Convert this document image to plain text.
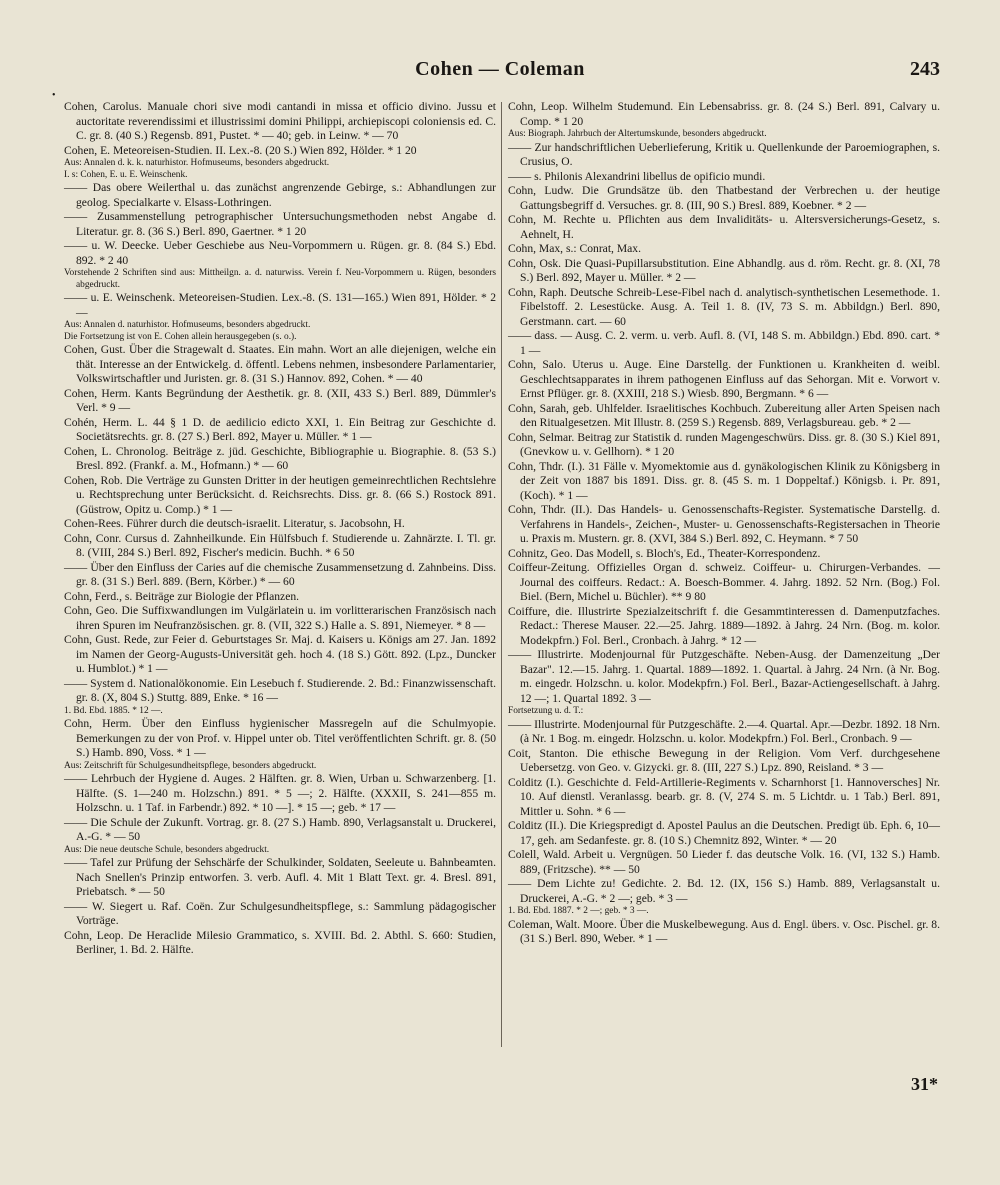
•
Cohen — Coleman	243

Cohen, Carolus. Manuale chori sive modi cantandi in missa et officio divino. Jussu et auctoritate reverendissimi et illustrissimi domini Philippi, archiepiscopi coloniensis ed. C. C. gr. 8. (40 S.) Regensb. 891, Pustet. * — 40; geb. in Leinw. * — 70

Cohen, E. Meteoreisen-Studien. II. Lex.-8. (20 S.) Wien 892, Hölder. * 1 20

Aus: Annalen d. k. k. naturhistor. Hofmuseums, besonders abgedruckt.

I. s: Cohen, E. u. E. Weinschenk.

—— Das obere Weilerthal u. das zunächst angrenzende Gebirge, s.: Abhandlungen zur geolog. Specialkarte v. Elsass-Lothringen.

—— Zusammenstellung petrographischer Untersuchungsmethoden nebst Angabe d. Literatur. gr. 8. (36 S.) Berl. 890, Gaertner. * 1 20

—— u. W. Deecke. Ueber Geschiebe aus Neu-Vorpommern u. Rügen. gr. 8. (84 S.) Ebd. 892. * 2 40

Vorstehende 2 Schriften sind aus: Mittheilgn. a. d. naturwiss. Verein f. Neu-Vorpommern u. Rügen, besonders abgedruckt.

—— u. E. Weinschenk. Meteoreisen-Studien. Lex.-8. (S. 131—165.) Wien 891, Hölder. * 2 —

Aus: Annalen d. naturhistor. Hofmuseums, besonders abgedruckt.

Die Fortsetzung ist von E. Cohen allein herausgegeben (s. o.).

Cohen, Gust. Über die Stragewalt d. Staates. Ein mahn. Wort an alle diejenigen, welche ein thät. Interesse an der Entwickelg. d. öffentl. Lebens nehmen, insbesondere Parlamentarier, Volkswirtschaftler und Juristen. gr. 8. (31 S.) Hannov. 892, Cohen. * — 40

Cohen, Herm. Kants Begründung der Aesthetik. gr. 8. (XII, 433 S.) Berl. 889, Dümmler's Verl. * 9 —

Cohén, Herm. L. 44 § 1 D. de aedilicio edicto XXI, 1. Ein Beitrag zur Geschichte d. Societätsrechts. gr. 8. (27 S.) Berl. 892, Mayer u. Müller. * 1 —

Cohen, L. Chronolog. Beiträge z. jüd. Geschichte, Bibliographie u. Biographie. 8. (53 S.) Bresl. 892. (Frankf. a. M., Hofmann.) * — 60

Cohen, Rob. Die Verträge zu Gunsten Dritter in der heutigen gemeinrechtlichen Rechtslehre u. Rechtsprechung unter Berücksicht. d. Reichsrechts. Diss. gr. 8. (66 S.) Rostock 891. (Güstrow, Opitz u. Comp.) * 1 —

Cohen-Rees. Führer durch die deutsch-israelit. Literatur, s. Jacobsohn, H.

Cohn, Conr. Cursus d. Zahnheilkunde. Ein Hülfsbuch f. Studierende u. Zahnärzte. I. Tl. gr. 8. (VIII, 284 S.) Berl. 892, Fischer's medicin. Buchh. * 6 50

—— Über den Einfluss der Caries auf die chemische Zusammensetzung d. Zahnbeins. Diss. gr. 8. (31 S.) Berl. 889. (Bern, Körber.) * — 60

Cohn, Ferd., s. Beiträge zur Biologie der Pflanzen.

Cohn, Geo. Die Suffixwandlungen im Vulgärlatein u. im vorlitterarischen Französisch nach ihren Spuren im Neufranzösischen. gr. 8. (VII, 322 S.) Halle a. S. 891, Niemeyer. * 8 —

Cohn, Gust. Rede, zur Feier d. Geburtstages Sr. Maj. d. Kaisers u. Königs am 27. Jan. 1892 im Namen der Georg-Augusts-Universität geh. hoch 4. (18 S.) Gött. 892. (Lpz., Duncker u. Humblot.) * 1 —

—— System d. Nationalökonomie. Ein Lesebuch f. Studierende. 2. Bd.: Finanzwissenschaft. gr. 8. (X, 804 S.) Stuttg. 889, Enke. * 16 —

1. Bd. Ebd. 1885. * 12 —.

Cohn, Herm. Über den Einfluss hygienischer Massregeln auf die Schulmyopie. Bemerkungen zu der von Prof. v. Hippel unter ob. Titel veröffentlichten Schrift. gr. 8. (50 S.) Hamb. 890, Voss. * 1 —

Aus: Zeitschrift für Schulgesundheitspflege, besonders abgedruckt.

—— Lehrbuch der Hygiene d. Auges. 2 Hälften. gr. 8. Wien, Urban u. Schwarzenberg. [1. Hälfte. (S. 1—240 m. Holzschn.) 891. * 5 —; 2. Hälfte. (XXXII, S. 241—855 m. Holzschn. u. 1 Taf. in Farbendr.) 892. * 10 —]. * 15 —; geb. * 17 —

—— Die Schule der Zukunft. Vortrag. gr. 8. (27 S.) Hamb. 890, Verlagsanstalt u. Druckerei, A.-G. * — 50

Aus: Die neue deutsche Schule, besonders abgedruckt.

—— Tafel zur Prüfung der Sehschärfe der Schulkinder, Soldaten, Seeleute u. Bahnbeamten. Nach Snellen's Prinzip entworfen. 3. verb. Aufl. 4. Mit 1 Blatt Text. gr. 4. Bresl. 891, Priebatsch. * — 50

—— W. Siegert u. Raf. Coën. Zur Schulgesundheitspflege, s.: Sammlung pädagogischer Vorträge.

Cohn, Leop. De Heraclide Milesio Grammatico, s. XVIII. Bd. 2. Abthl. S. 660: Studien, Berliner, 1. Bd. 2. Hälfte.

Cohn, Leop. Wilhelm Studemund. Ein Lebensabriss. gr. 8. (24 S.) Berl. 891, Calvary u. Comp. * 1 20

Aus: Biograph. Jahrbuch der Altertumskunde, besonders abgedruckt.

—— Zur handschriftlichen Ueberlieferung, Kritik u. Quellenkunde der Paroemiographen, s. Crusius, O.

—— s. Philonis Alexandrini libellus de opificio mundi.

Cohn, Ludw. Die Grundsätze üb. den Thatbestand der Verbrechen u. der heutige Gattungsbegriff d. Versuches. gr. 8. (III, 90 S.) Bresl. 889, Koebner. * 2 —

Cohn, M. Rechte u. Pflichten aus dem Invaliditäts- u. Altersversicherungs-Gesetz, s. Aehnelt, H.

Cohn, Max, s.: Conrat, Max.

Cohn, Osk. Die Quasi-Pupillarsubstitution. Eine Abhandlg. aus d. röm. Recht. gr. 8. (XI, 78 S.) Berl. 892, Mayer u. Müller. * 2 —

Cohn, Raph. Deutsche Schreib-Lese-Fibel nach d. analytisch-synthetischen Lesemethode. 1. Fibelstoff. 2. Lesestücke. Ausg. A. Teil 1. 8. (IV, 73 S. m. Abbildgn.) Berl. 890, Gerstmann. cart. — 60

—— dass. — Ausg. C. 2. verm. u. verb. Aufl. 8. (VI, 148 S. m. Abbildgn.) Ebd. 890. cart. * 1 —

Cohn, Salo. Uterus u. Auge. Eine Darstellg. der Funktionen u. Krankheiten d. weibl. Geschlechtsapparates in ihrem pathogenen Einfluss auf das Sehorgan. Mit e. Vorwort v. Ernst Pflüger. gr. 8. (XXIII, 218 S.) Wiesb. 890, Bergmann. * 6 —

Cohn, Sarah, geb. Uhlfelder. Israelitisches Kochbuch. Zubereitung aller Arten Speisen nach den Ritualgesetzen. Mit Illustr. 8. (259 S.) Regensb. 889, Verlagsbureau. geb. * 2 —

Cohn, Selmar. Beitrag zur Statistik d. runden Magengeschwürs. Diss. gr. 8. (30 S.) Kiel 891, (Gnevkow u. v. Gellhorn). * 1 20

Cohn, Thdr. (I.). 31 Fälle v. Myomektomie aus d. gynäkologischen Klinik zu Königsberg in der Zeit von 1887 bis 1891. Diss. gr. 8. (45 S. m. 1 Doppeltaf.) Königsb. i. Pr. 891, (Koch). * 1 —

Cohn, Thdr. (II.). Das Handels- u. Genossenschafts-Register. Systematische Darstellg. d. Verfahrens in Handels-, Zeichen-, Muster- u. Genossenschafts-Registersachen in Theorie u. Praxis m. Mustern. gr. 8. (XVI, 384 S.) Berl. 892, C. Heymann. * 7 50

Cohnitz, Geo. Das Modell, s. Bloch's, Ed., Theater-Korrespondenz.

Coiffeur-Zeitung. Offizielles Organ d. schweiz. Coiffeur- u. Chirurgen-Verbandes. — Journal des coiffeurs. Redact.: A. Boesch-Bommer. 4. Jahrg. 1892. 52 Nrn. (Bog.) Fol. Biel. (Bern, Michel u. Büchler). ** 9 80

Coiffure, die. Illustrirte Spezialzeitschrift f. die Gesammtinteressen d. Damenputzfaches. Redact.: Therese Mauser. 22.—25. Jahrg. 1889—1892. à Jahrg. 24 Nrn. (Bog. m. kolor. Modekpfrn.) Fol. Berl., Cronbach. à Jahrg. * 12 —

—— Illustrirte. Modenjournal für Putzgeschäfte. Neben-Ausg. der Damenzeitung „Der Bazar". 12.—15. Jahrg. 1. Quartal. 1889—1892. 1. Quartal. à Jahrg. 24 Nrn. (à Nr. Bog. m. eingedr. Holzschn. u. kolor. Modekpfrn.) Fol. Berl., Bazar-Actiengesellschaft. à Jahrg. 12 —; 1. Quartal 1892. 3 —

Fortsetzung u. d. T.:

—— Illustrirte. Modenjournal für Putzgeschäfte. 2.—4. Quartal. Apr.—Dezbr. 1892. 18 Nrn. (à Nr. 1 Bog. m. eingedr. Holzschn. u. kolor. Modekpfrn.) Fol. Berl., Cronbach. 9 —

Coit, Stanton. Die ethische Bewegung in der Religion. Vom Verf. durchgesehene Uebersetzg. von Geo. v. Gizycki. gr. 8. (III, 227 S.) Lpz. 890, Reisland. * 3 —

Colditz (I.). Geschichte d. Feld-Artillerie-Regiments v. Scharnhorst [1. Hannoversches] Nr. 10. Auf dienstl. Veranlassg. bearb. gr. 8. (V, 274 S. m. 5 Lichtdr. u. 1 Tab.) Berl. 891, Mittler u. Sohn. * 6 —

Colditz (II.). Die Kriegspredigt d. Apostel Paulus an die Deutschen. Predigt üb. Eph. 6, 10—17, geh. am Sedanfeste. gr. 8. (10 S.) Chemnitz 892, Winter. * — 20

Colell, Wald. Arbeit u. Vergnügen. 50 Lieder f. das deutsche Volk. 16. (VI, 132 S.) Hamb. 889, (Fritzsche). ** — 50

—— Dem Lichte zu! Gedichte. 2. Bd. 12. (IX, 156 S.) Hamb. 889, Verlagsanstalt u. Druckerei, A.-G. * 2 —; geb. * 3 —

1. Bd. Ebd. 1887. * 2 —; geb. * 3 —.

Coleman, Walt. Moore. Über die Muskelbewegung. Aus d. Engl. übers. v. Osc. Pischel. gr. 8. (31 S.) Berl. 890, Weber. * 1 —

31*
